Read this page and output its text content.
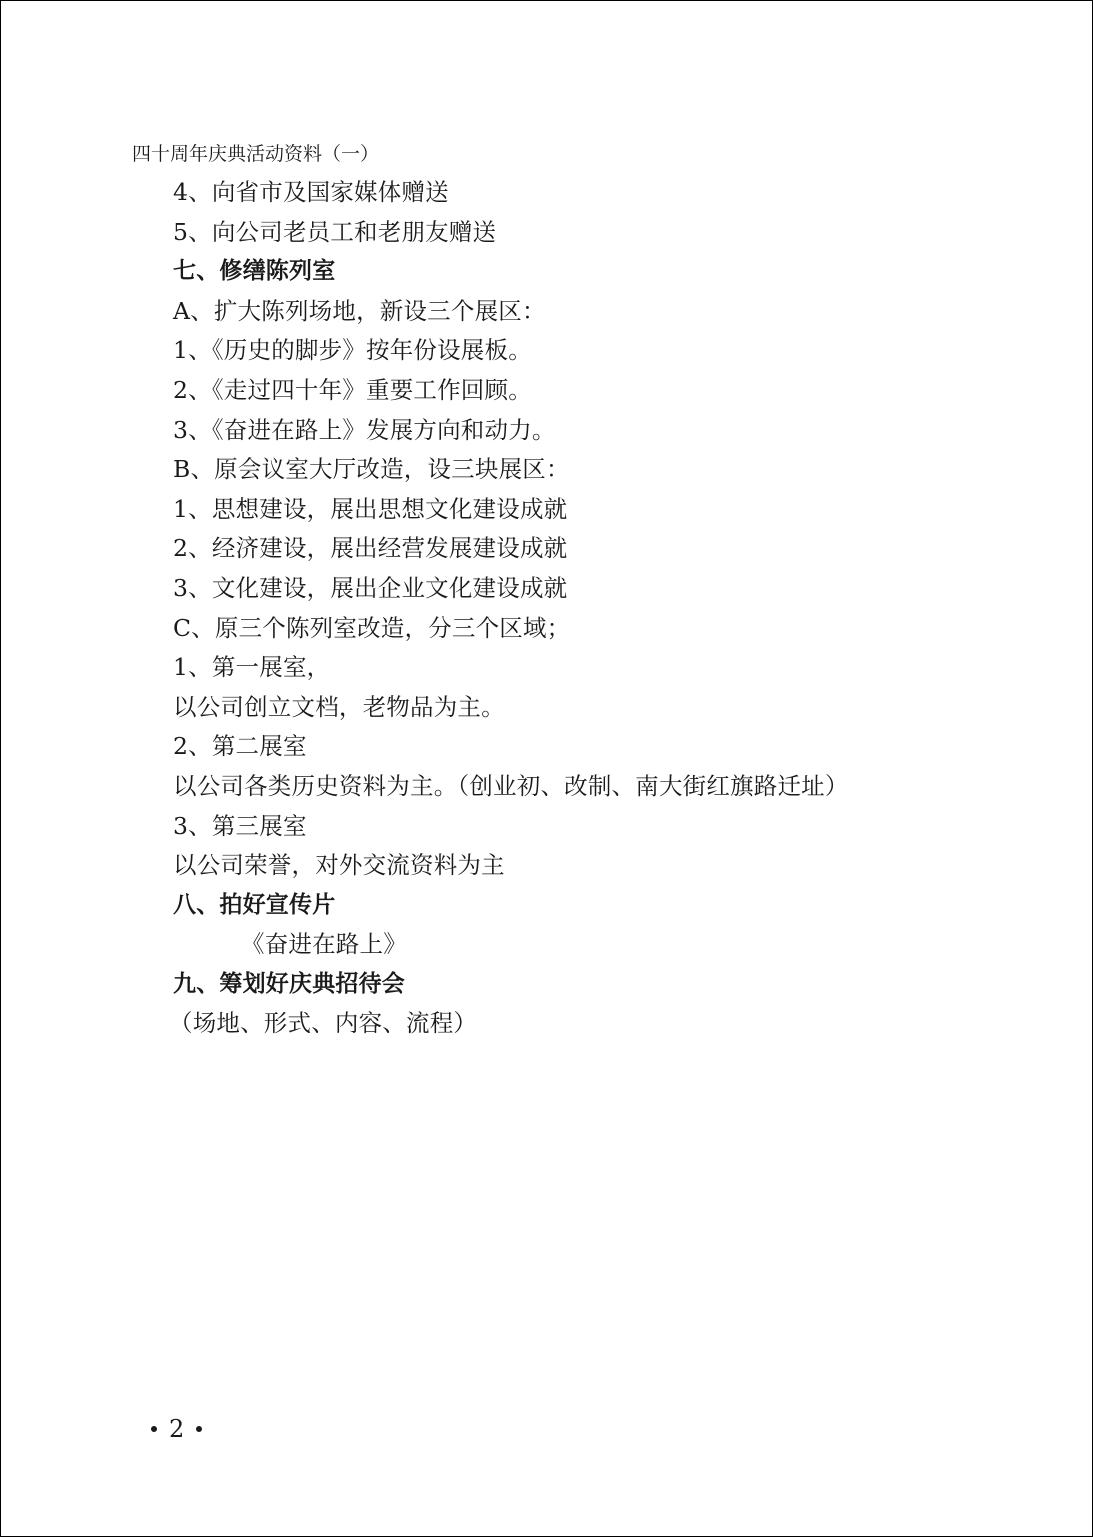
四十周年庆典活动资料（一）
4、向省市及国家媒体赠送
5、向公司老员工和老朋友赠送
七、修缮陈列室
A、扩大陈列场地，新设三个展区：
1、《历史的脚步》按年份设展板。
2、《走过四十年》重要工作回顾。
3、《奋进在路上》发展方向和动力。
B、原会议室大厅改造，设三块展区：
1、思想建设，展出思想文化建设成就
2、经济建设，展出经营发展建设成就
3、文化建设，展出企业文化建设成就
C、原三个陈列室改造，分三个区域；
1、第一展室，
以公司创立文档，老物品为主。
2、第二展室
以公司各类历史资料为主。（创业初、改制、南大街红旗路迁址）
3、第三展室
以公司荣誉，对外交流资料为主
八、拍好宣传片
《奋进在路上》
九、筹划好庆典招待会
（场地、形式、内容、流程）
2
